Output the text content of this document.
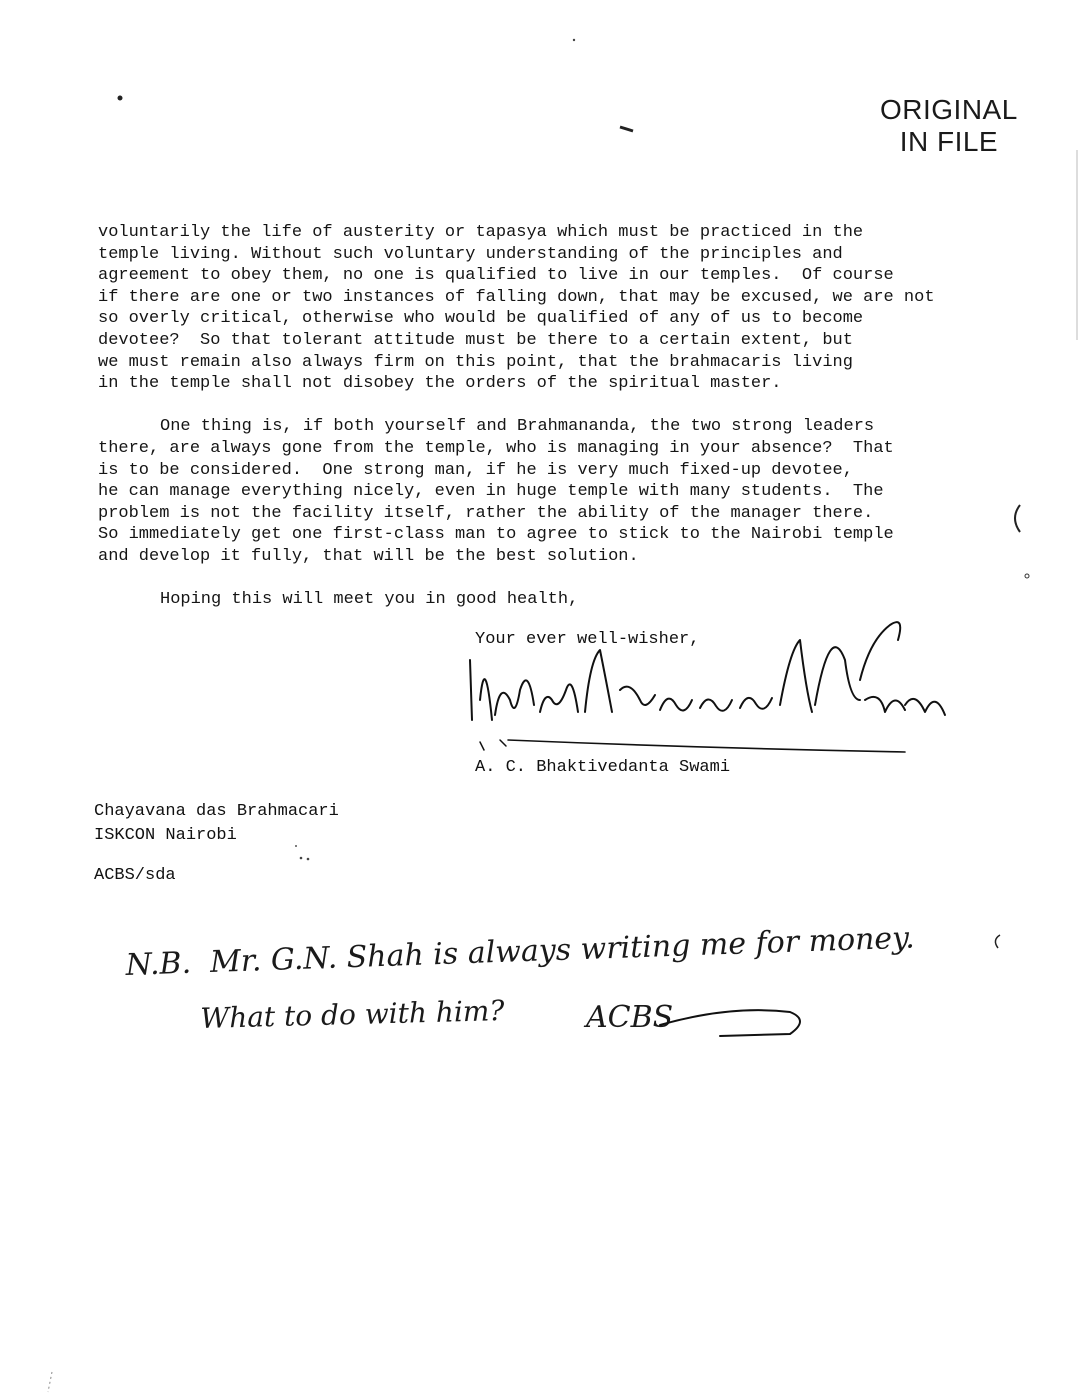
ORIGINAL
IN FILE
voluntarily the life of austerity or tapasya which must be practiced in the
temple living. Without such voluntary understanding of the principles and
agreement to obey them, no one is qualified to live in our temples.  Of course
if there are one or two instances of falling down, that may be excused, we are not
so overly critical, otherwise who would be qualified of any of us to become
devotee?  So that tolerant attitude must be there to a certain extent, but
we must remain also always firm on this point, that the brahmacaris living
in the temple shall not disobey the orders of the spiritual master.
One thing is, if both yourself and Brahmananda, the two strong leaders
there, are always gone from the temple, who is managing in your absence?  That
is to be considered.  One strong man, if he is very much fixed-up devotee,
he can manage everything nicely, even in huge temple with many students.  The
problem is not the facility itself, rather the ability of the manager there.
So immediately get one first-class man to agree to stick to the Nairobi temple
and develop it fully, that will be the best solution.
Hoping this will meet you in good health,
Your ever well-wisher,
A. C. Bhaktivedanta Swami
Chayavana das Brahmacari
ISKCON Nairobi
ACBS/sda
N.B.  Mr. G.N. Shah is always writing me for money.
What to do with him?	ACBS
